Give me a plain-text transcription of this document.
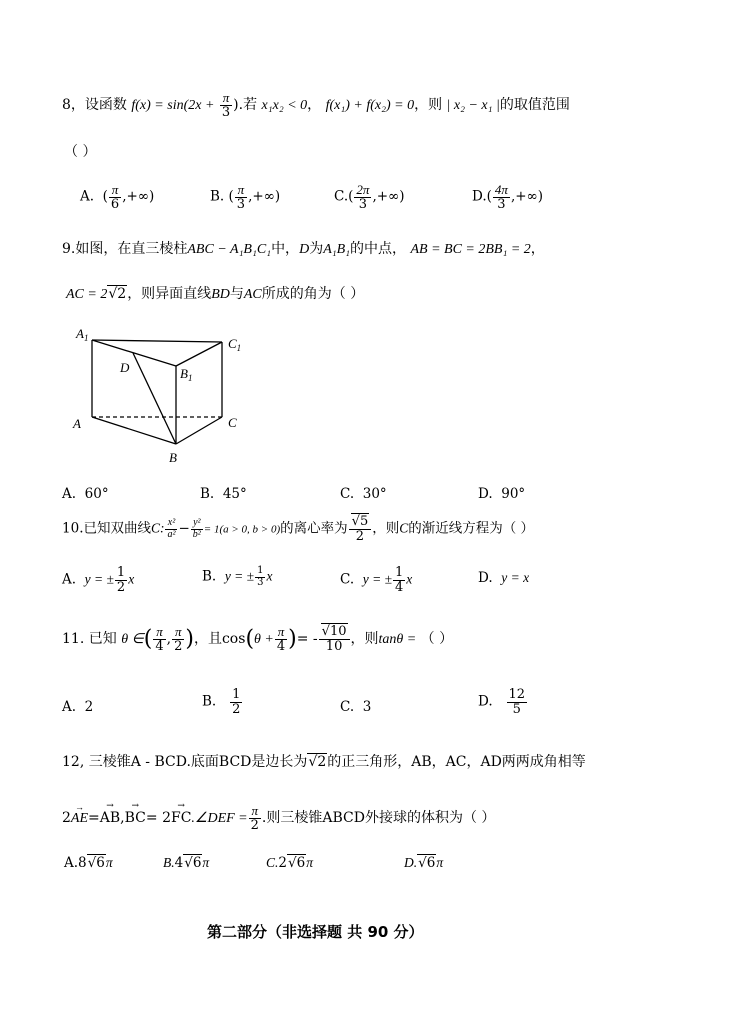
8，设函数 $f(x) = \sin(2x + \frac{\pi}{3}$ ).若 x₁x₂ < 0， f(x₁) + f(x₂) = 0，则 | x₂ − x₁ |的取值范围
（ ）
A.  ( $\frac{\pi}{6}$ ,+∞)	B. ( $\frac{\pi}{3}$ ,+∞)	$C.( \frac{2\pi}{3}$ ,+∞)	$D.( \frac{4\pi}{3}$ ,+∞)
9.如图，在直三棱柱ABC − A₁B₁C₁中，D为A₁B₁的中点， AB = BC = 2BB₁ = 2，
AC = 2√2，则异面直线BD与AC所成的角为（ ）
$A_1$	$C_1$
$B_1$
D
A	C
B
A. 60°	B. 45°	C. 30°	D. 90°
10.已知双曲线C: $\frac{\text{x²}}{\text{a²}} - \frac{\text{y²}}{\text{b²}} = 1(a > 0$, b > 0)的离心率为 $\frac{√5}{2}$ ，则C的渐近线方程为（ ）
A. y = ± $\frac{1}{2}$ x	B. y = ± $\frac{1}{3}$ x	C. y = ± $\frac{1}{4}$ x	D. y = x
11. 已知 θ ∈( $\frac{\pi}{4}$ , $\frac{\pi}{2}$ )，且$\cos(\theta + \frac{\pi}{4}$ )= - $\frac{√10}{10}$ ，则tanθ = （ ）
A. 2	B. $\frac{1}{2}$	C. 3	D. $\frac{12}{5}$
12, 三棱锥A - BCD.底面BCD是边长为√2的正三角形，AB，AC，AD两两成角相等
2→ AE=→ AB,→ BC= 2→ FC.∠DEF = $\frac{\pi}{2}$ .则三棱锥ABCD外接球的体积为（ ）
A.8√6π	B.4√6π	C.2√6π	D.√6π
第二部分（非选择题 共 90 分）
